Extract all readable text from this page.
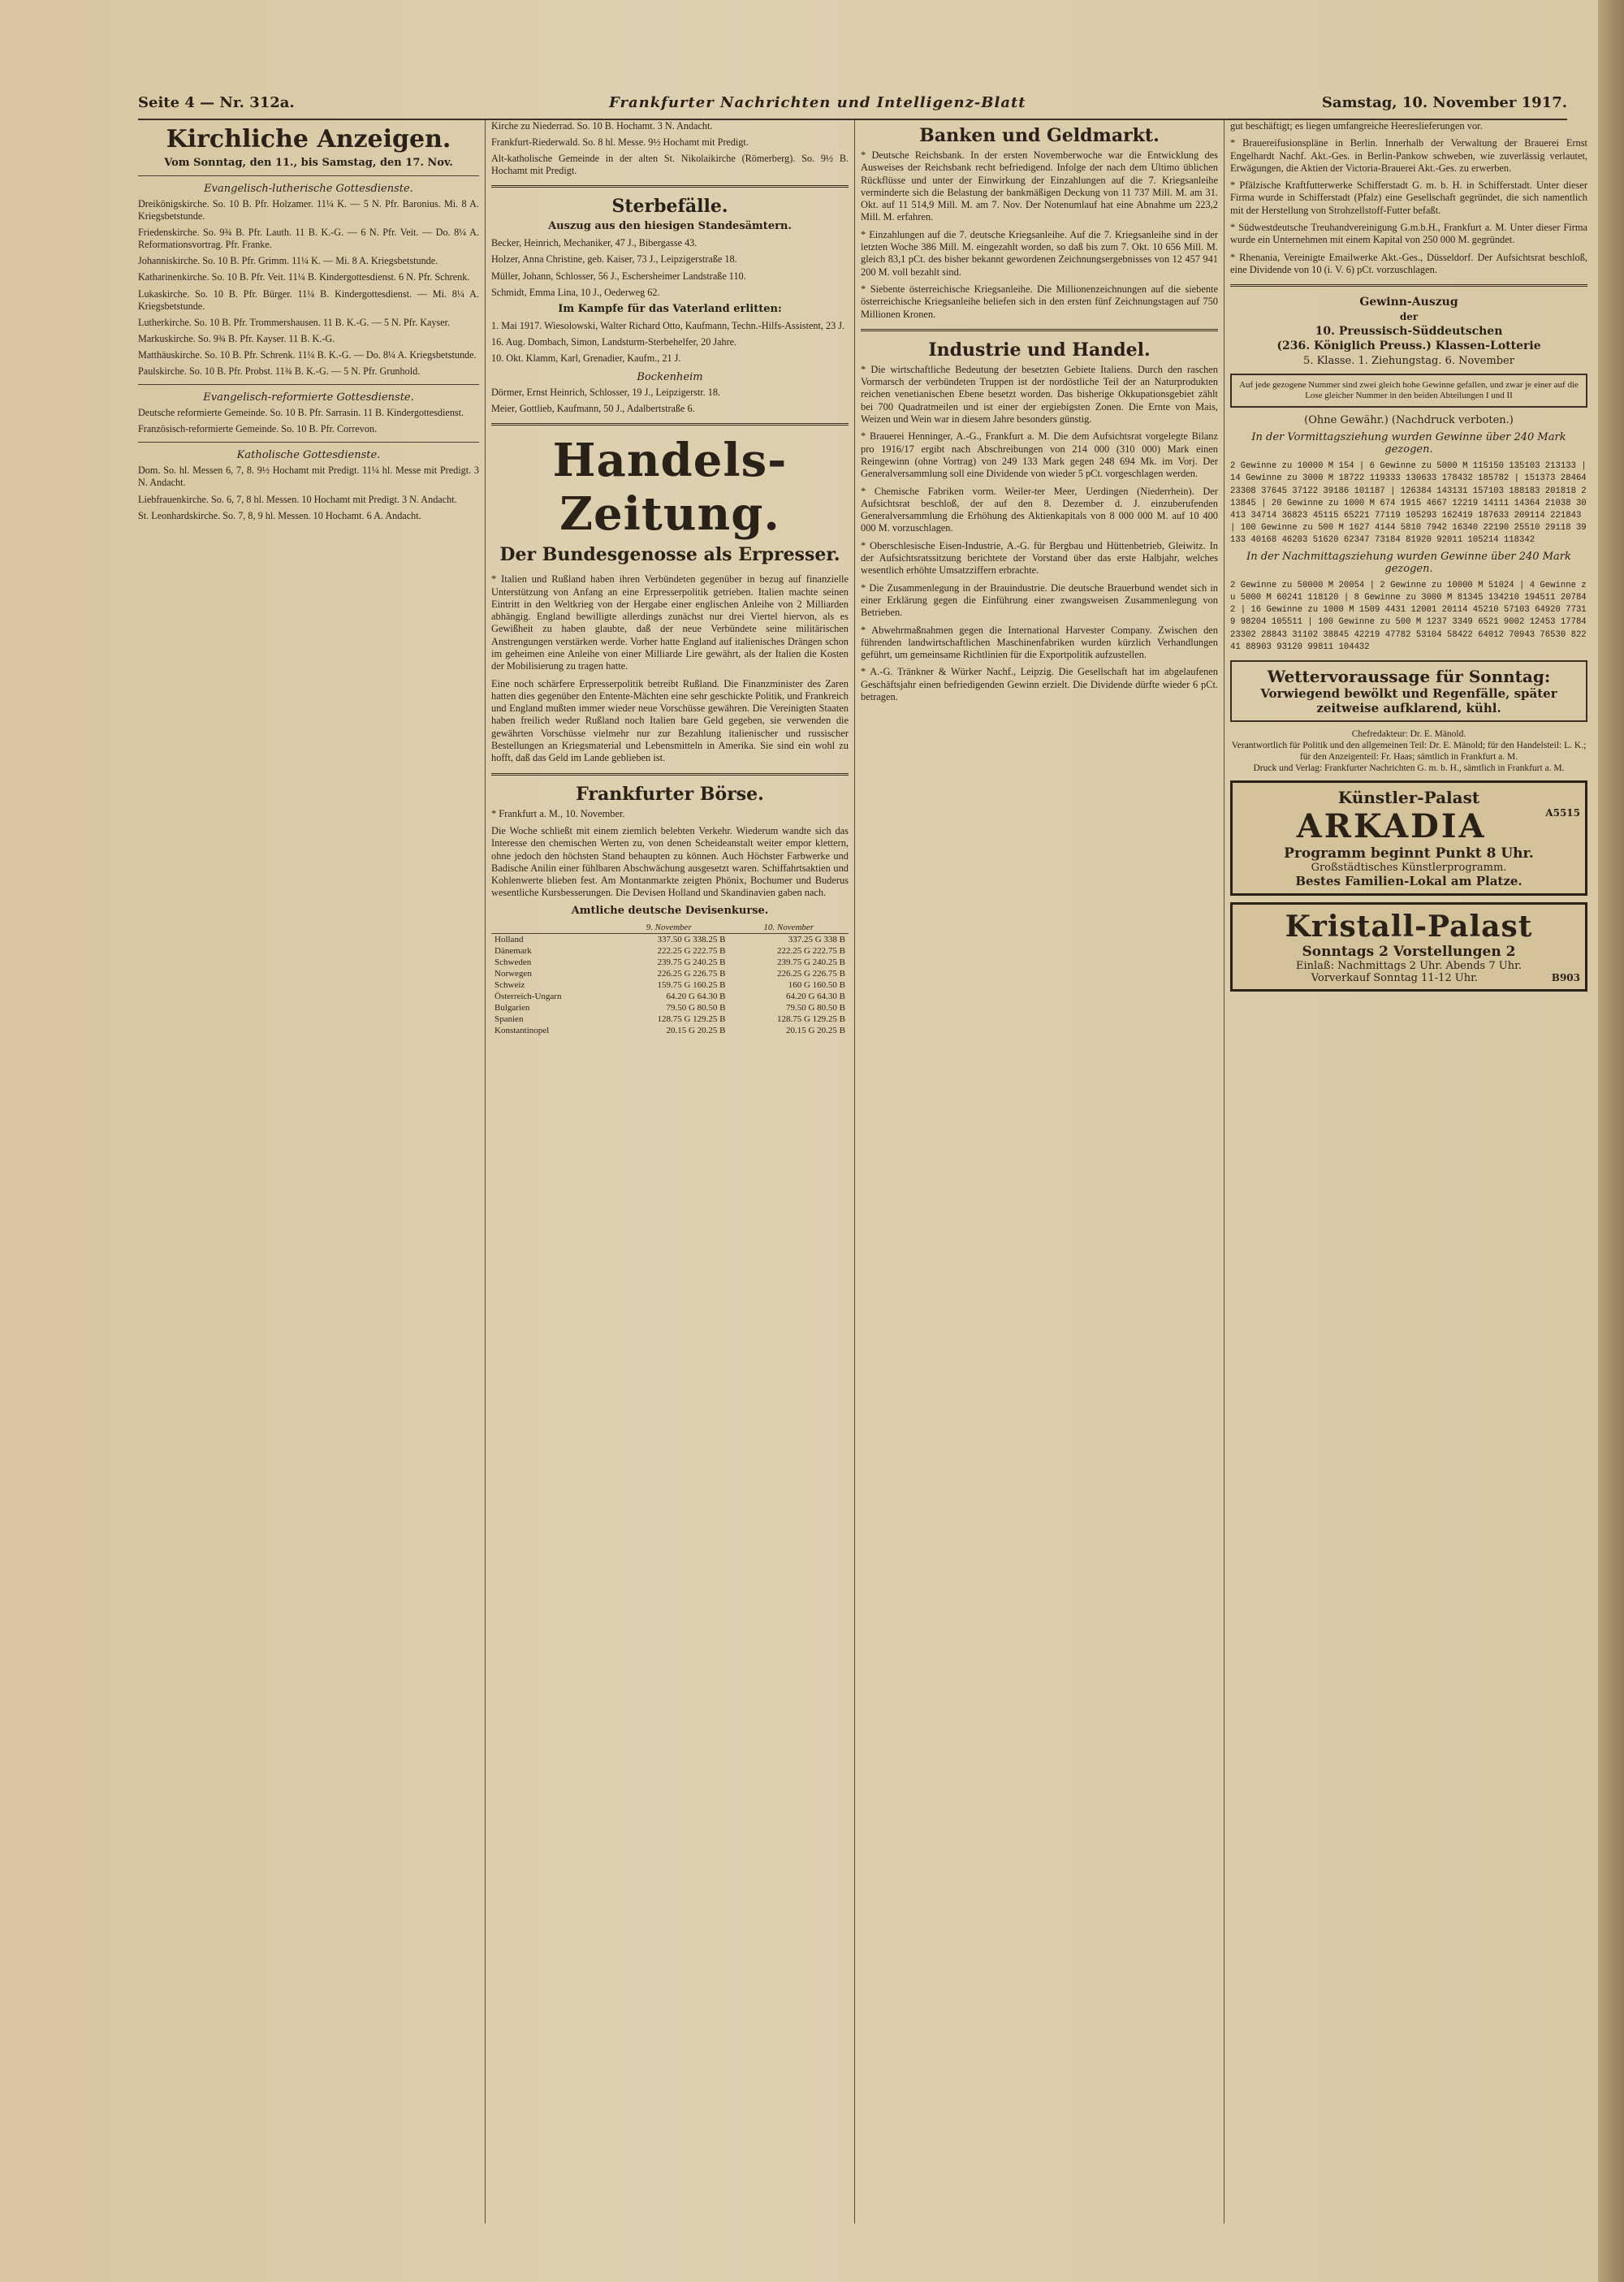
Seite 4 — Nr. 312a.	Frankfurter Nachrichten und Intelligenz-Blatt	Samstag, 10. November 1917.
Kirchliche Anzeigen.
Vom Sonntag, den 11., bis Samstag, den 17. Nov.
Evangelisch-lutherische Gottesdienste.
Dreikönigskirche. So. 10 B. Pfr. Holzamer. 11¼ K. — 5 N. Pfr. Baronius. Mi. 8 A. Kriegsbetstunde.
Friedenskirche. So. 9¾ B. Pfr. Lauth. 11 B. K.-G. — 6 N. Pfr. Veit. — Do. 8¼ A. Reformationsvortrag. Pfr. Franke.
Johanniskirche. So. 10 B. Pfr. Grimm. 11¼ K. — Mi. 8 A. Kriegsbetstunde.
Katharinenkirche. So. 10 B. Pfr. Veit. 11¼ B. Kindergottesdienst. 6 N. Pfr. Schrenk.
Lukaskirche. So. 10 B. Pfr. Bürger. 11¼ B. Kindergottesdienst. — Mi. 8¼ A. Kriegsbetstunde.
Lutherkirche. So. 10 B. Pfr. Trommershausen. 11 B. K.-G. — 5 N. Pfr. Kayser.
Markuskirche. So. 9¾ B. Pfr. Kayser. 11 B. K.-G.
Matthäuskirche. So. 10 B. Pfr. Schrenk. 11¼ B. K.-G. — Do. 8¼ A. Kriegsbetstunde.
Paulskirche. So. 10 B. Pfr. Probst. 11¾ B. K.-G. — 5 N. Pfr. Grunhold.
Evangelisch-reformierte Gottesdienste.
Deutsche reformierte Gemeinde. So. 10 B. Pfr. Sarrasin. 11 B. Kindergottesdienst.
Französisch-reformierte Gemeinde. So. 10 B. Pfr. Correvon.
Katholische Gottesdienste.
Dom. So. hl. Messen 6, 7, 8. 9½ Hochamt mit Predigt. 11¼ hl. Messe mit Predigt. 3 N. Andacht.
Liebfrauenkirche. So. 6, 7, 8 hl. Messen. 10 Hochamt mit Predigt. 3 N. Andacht.
St. Leonhardskirche. So. 7, 8, 9 hl. Messen. 10 Hochamt. 6 A. Andacht.
Kirche zu Niederrad. So. 10 B. Hochamt. 3 N. Andacht.
Frankfurt-Riederwald. So. 8 hl. Messe. 9½ Hochamt mit Predigt.
Alt-katholische Gemeinde in der alten St. Nikolaikirche (Römerberg). So. 9½ B. Hochamt mit Predigt.
Sterbefälle.
Auszug aus den hiesigen Standesämtern.
Becker, Heinrich, Mechaniker, 47 J., Bibergasse 43.
Holzer, Anna Christine, geb. Kaiser, 73 J., Leipzigerstraße 18.
Müller, Johann, Schlosser, 56 J., Eschersheimer Landstraße 110.
Schmidt, Emma Lina, 10 J., Oederweg 62.
Im Kampfe für das Vaterland erlitten:
1. Mai 1917. Wiesolowski, Walter Richard Otto, Kaufmann, Techn.-Hilfs-Assistent, 23 J.
16. Aug. Dombach, Simon, Landsturm-Sterbehelfer, 20 Jahre.
10. Okt. Klamm, Karl, Grenadier, Kaufm., 21 J.
Bockenheim
Dörmer, Ernst Heinrich, Schlosser, 19 J., Leipzigerstr. 18.
Meier, Gottlieb, Kaufmann, 50 J., Adalbertstraße 6.
Handels-Zeitung.
Der Bundesgenosse als Erpresser.

* Italien und Rußland haben ihren Verbündeten gegenüber in bezug auf finanzielle Unterstützung von Anfang an eine Erpresserpolitik getrieben. Italien machte seinen Eintritt in den Weltkrieg von der Hergabe einer englischen Anleihe von 2 Milliarden abhängig. England bewilligte allerdings zunächst nur drei Viertel hiervon, als es Gewißheit zu haben glaubte, daß der neue Verbündete seine militärischen Anstrengungen verstärken werde. Vorher hatte England auf italienisches Drängen schon im geheimen eine Anleihe von einer Milliarde Lire gewährt, als der Italien die Kosten der Mobilisierung zu tragen hatte.

Eine noch schärfere Erpresserpolitik betreibt Rußland. Die Finanzminister des Zaren hatten dies gegenüber den Entente-Mächten eine sehr geschickte Politik, und Frankreich und England mußten immer wieder neue Vorschüsse gewähren. Die Vereinigten Staaten haben freilich weder Rußland noch Italien bare Geld gegeben, sie verwenden die gewährten Vorschüsse vielmehr nur zur Bezahlung italienischer und russischer Bestellungen an Kriegsmaterial und Lebensmitteln in Amerika. Sie sind ein wohl zu hofft, daß das Geld im Lande geblieben ist.

Frankfurter Börse.

* Frankfurt a. M., 10. November.

Die Woche schließt mit einem ziemlich belebten Verkehr. Wiederum wandte sich das Interesse den chemischen Werten zu, von denen Scheideanstalt weiter empor klettern, ohne jedoch den höchsten Stand behaupten zu können. Auch Höchster Farbwerke und Badische Anilin einer fühlbaren Abschwächung ausgesetzt waren. Schiffahrtsaktien und Kohlenwerte blieben fest. Am Montanmarkte zeigten Phönix, Bochumer und Buderus wesentliche Kursbesserungen. Die Devisen Holland und Skandinavien gaben nach.

Amtliche deutsche Devisenkurse.
	9. November	10. November
Holland	337.50 G 338.25 B	337.25 G 338 B
Dänemark	222.25 G 222.75 B	222.25 G 222.75 B
Schweden	239.75 G 240.25 B	239.75 G 240.25 B
Norwegen	226.25 G 226.75 B	226.25 G 226.75 B
Schweiz	159.75 G 160.25 B	160 G 160.50 B
Österreich-Ungarn	64.20 G 64.30 B	64.20 G 64.30 B
Bulgarien	79.50 G 80.50 B	79.50 G 80.50 B
Spanien	128.75 G 129.25 B	128.75 G 129.25 B
Konstantinopel	20.15 G 20.25 B	20.15 G 20.25 B
Banken und Geldmarkt.

* Deutsche Reichsbank. In der ersten Novemberwoche war die Entwicklung des Ausweises der Reichsbank recht befriedigend. Infolge der nach dem Ultimo üblichen Rückflüsse und unter der Einwirkung der Einzahlungen auf die 7. Kriegsanleihe verminderte sich die Belastung der bankmäßigen Deckung von 11 737 Mill. M. am 31. Okt. auf 11 514,9 Mill. M. am 7. Nov. Der Notenumlauf hat eine Abnahme um 223,2 Mill. M. erfahren.

* Einzahlungen auf die 7. deutsche Kriegsanleihe. Auf die 7. Kriegsanleihe sind in der letzten Woche 386 Mill. M. eingezahlt worden, so daß bis zum 7. Okt. 10 656 Mill. M. gleich 83,1 pCt. des bisher bekannt gewordenen Zeichnungsergebnisses von 12 457 941 200 M. voll bezahlt sind.

* Siebente österreichische Kriegsanleihe. Die Millionenzeichnungen auf die siebente österreichische Kriegsanleihe beliefen sich in den ersten fünf Zeichnungstagen auf 750 Millionen Kronen.

Industrie und Handel.

* Die wirtschaftliche Bedeutung der besetzten Gebiete Italiens. Durch den raschen Vormarsch der verbündeten Truppen ist der nordöstliche Teil der an Naturprodukten reichen venetianischen Ebene besetzt worden. Das bisherige Okkupationsgebiet zählt bei 700 Quadratmeilen und ist einer der ergiebigsten Zonen. Die Ernte von Mais, Weizen und Wein war in diesem Jahre besonders günstig.

* Brauerei Henninger, A.-G., Frankfurt a. M. Die dem Aufsichtsrat vorgelegte Bilanz pro 1916/17 ergibt nach Abschreibungen von 214 000 (310 000) Mark einen Reingewinn (ohne Vortrag) von 249 133 Mark gegen 248 694 Mk. im Vorj. Der Generalversammlung soll eine Dividende von wieder 5 pCt. vorgeschlagen werden.

* Chemische Fabriken vorm. Weiler-ter Meer, Uerdingen (Niederrhein). Der Aufsichtsrat beschloß, der auf den 8. Dezember d. J. einzuberufenden Generalversammlung die Erhöhung des Aktienkapitals von 8 000 000 M. auf 10 400 000 M. vorzuschlagen.

* Oberschlesische Eisen-Industrie, A.-G. für Bergbau und Hüttenbetrieb, Gleiwitz. In der Aufsichtsratssitzung berichtete der Vorstand über das erste Halbjahr, welches wesentlich erhöhte Umsatzziffern erbrachte.

* Die Zusammenlegung in der Brauindustrie. Die deutsche Brauerbund wendet sich in einer Erklärung gegen die Einführung einer zwangsweisen Zusammenlegung von Betrieben.

* Abwehrmaßnahmen gegen die International Harvester Company. Zwischen den führenden landwirtschaftlichen Maschinenfabriken wurden kürzlich Verhandlungen geführt, um gemeinsame Richtlinien für die Exportpolitik aufzustellen.

* A.-G. Tränkner & Würker Nachf., Leipzig. Die Gesellschaft hat im abgelaufenen Geschäftsjahr einen befriedigenden Gewinn erzielt. Die Dividende dürfte wieder 6 pCt. betragen.

gut beschäftigt; es liegen umfangreiche Heereslieferungen vor.

* Brauereifusionspläne in Berlin. Innerhalb der Verwaltung der Brauerei Ernst Engelhardt Nachf. Akt.-Ges. in Berlin-Pankow schweben, wie zuverlässig verlautet, Erwägungen, die Aktien der Victoria-Brauerei Akt.-Ges. zu erwerben.

* Pfälzische Kraftfutterwerke Schifferstadt G. m. b. H. in Schifferstadt. Unter dieser Firma wurde in Schifferstadt (Pfalz) eine Gesellschaft gegründet, die sich namentlich mit der Herstellung von Strohzellstoff-Futter befaßt.

* Südwestdeutsche Treuhandvereinigung G.m.b.H., Frankfurt a. M. Unter dieser Firma wurde ein Unternehmen mit einem Kapital von 250 000 M. gegründet.

* Rhenania, Vereinigte Emailwerke Akt.-Ges., Düsseldorf. Der Aufsichtsrat beschloß, eine Dividende von 10 (i. V. 6) pCt. vorzuschlagen.

Gewinn-Auszug
der
10. Preussisch-Süddeutschen
(236. Königlich Preuss.) Klassen-Lotterie
5. Klasse. 1. Ziehungstag. 6. November
Auf jede gezogene Nummer sind zwei gleich hohe Gewinne gefallen, und zwar je einer auf die Lose gleicher Nummer in den beiden Abteilungen I und II
(Ohne Gewähr.) (Nachdruck verboten.)
In der Vormittagsziehung wurden Gewinne über 240 Mark gezogen.
2 Gewinne zu 10000 M 154 | 6 Gewinne zu 5000 M 115150 135103 213133 | 14 Gewinne zu 3000 M 18722 119333 130633 178432 185782 | 151373 28464 23308 37645 37122 39186 101187 | 126384 143131 157103 188183 201818 213845 | 20 Gewinne zu 1000 M 674 1915 4667 12219 14111 14364 21038 30413 34714 36823 45115 65221 77119 105293 162419 187633 209114 221843 | 100 Gewinne zu 500 M 1627 4144 5810 7942 16340 22190 25510 29118 39133 40168 46203 51620 62347 73184 81920 92011 105214 118342
In der Nachmittagsziehung wurden Gewinne über 240 Mark gezogen.
2 Gewinne zu 50000 M 20054 | 2 Gewinne zu 10000 M 51024 | 4 Gewinne zu 5000 M 60241 118120 | 8 Gewinne zu 3000 M 81345 134210 194511 207842 | 16 Gewinne zu 1000 M 1509 4431 12001 20114 45210 57103 64920 77319 98204 105511 | 100 Gewinne zu 500 M 1237 3349 6521 9002 12453 17784 23302 28843 31102 38845 42219 47782 53104 58422 64012 70943 76530 82241 88903 93120 99811 104432
Wettervoraussage für Sonntag:
Vorwiegend bewölkt und Regenfälle, später zeitweise aufklarend, kühl.
Chefredakteur: Dr. E. Mänold.
Verantwortlich für Politik und den allgemeinen Teil: Dr. E. Mänold; für den Handelsteil: L. K.; für den Anzeigenteil: Fr. Haas; sämtlich in Frankfurt a. M.
Druck und Verlag: Frankfurter Nachrichten G. m. b. H., sämtlich in Frankfurt a. M.
Künstler-Palast
A5515
ARKADIA
Programm beginnt Punkt 8 Uhr.
Großstädtisches Künstlerprogramm.
Bestes Familien-Lokal am Platze.
Kristall-Palast
Sonntags 2 Vorstellungen 2
Einlaß: Nachmittags 2 Uhr. Abends 7 Uhr.
B903
Vorverkauf Sonntag 11-12 Uhr.
